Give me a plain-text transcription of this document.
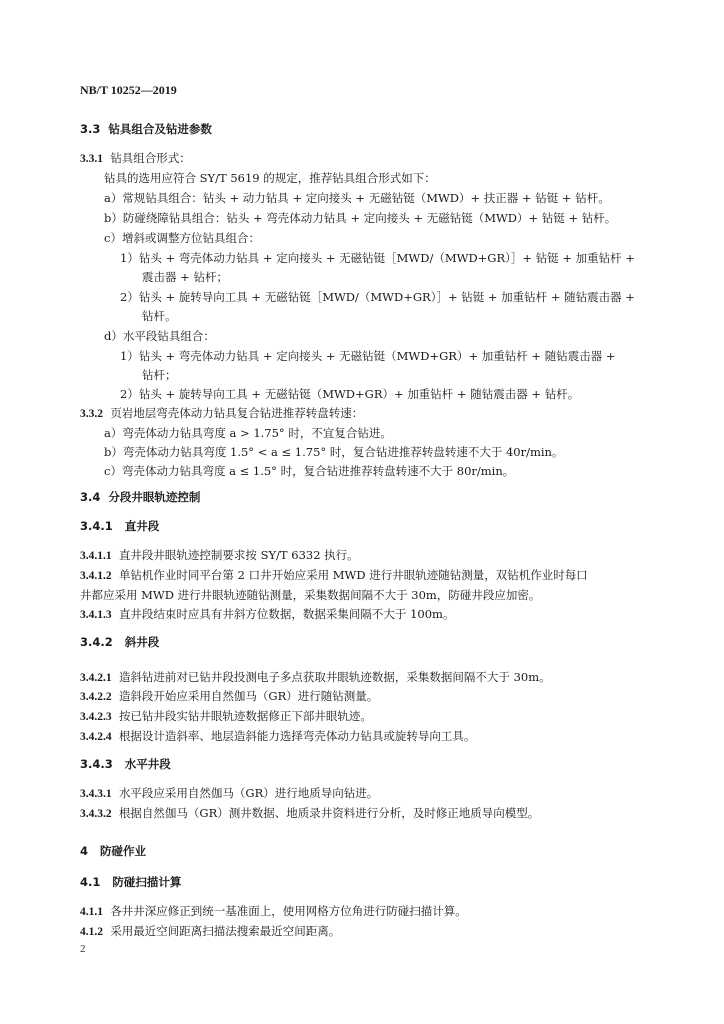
NB/T 10252—2019
3.3 钻具组合及钻进参数
3.3.1 钻具组合形式：
钻具的选用应符合 SY/T 5619 的规定，推荐钻具组合形式如下：
a）常规钻具组合：钻头 + 动力钻具 + 定向接头 + 无磁钻铤（MWD）+ 扶正器 + 钻铤 + 钻杆。
b）防碰绕障钻具组合：钻头 + 弯壳体动力钻具 + 定向接头 + 无磁钻铤（MWD）+ 钻铤 + 钻杆。
c）增斜或调整方位钻具组合：
1）钻头 + 弯壳体动力钻具 + 定向接头 + 无磁钻铤［MWD/（MWD+GR）］+ 钻铤 + 加重钻杆 +
震击器 + 钻杆；
2）钻头 + 旋转导向工具 + 无磁钻铤［MWD/（MWD+GR）］+ 钻铤 + 加重钻杆 + 随钻震击器 +
钻杆。
d）水平段钻具组合：
1）钻头 + 弯壳体动力钻具 + 定向接头 + 无磁钻铤（MWD+GR）+ 加重钻杆 + 随钻震击器 +
钻杆；
2）钻头 + 旋转导向工具 + 无磁钻铤（MWD+GR）+ 加重钻杆 + 随钻震击器 + 钻杆。
3.3.2 页岩地层弯壳体动力钻具复合钻进推荐转盘转速：
a）弯壳体动力钻具弯度 a > 1.75° 时，不宜复合钻进。
b）弯壳体动力钻具弯度 1.5° < a ≤ 1.75° 时，复合钻进推荐转盘转速不大于 40r/min。
c）弯壳体动力钻具弯度 a ≤ 1.5° 时，复合钻进推荐转盘转速不大于 80r/min。
3.4 分段井眼轨迹控制
3.4.1 直井段
3.4.1.1 直井段井眼轨迹控制要求按 SY/T 6332 执行。
3.4.1.2 单钻机作业时同平台第 2 口井开始应采用 MWD 进行井眼轨迹随钻测量，双钻机作业时每口
井都应采用 MWD 进行井眼轨迹随钻测量，采集数据间隔不大于 30m，防碰井段应加密。
3.4.1.3 直井段结束时应具有井斜方位数据，数据采集间隔不大于 100m。
3.4.2 斜井段
3.4.2.1 造斜钻进前对已钻井段投测电子多点获取井眼轨迹数据，采集数据间隔不大于 30m。
3.4.2.2 造斜段开始应采用自然伽马（GR）进行随钻测量。
3.4.2.3 按已钻井段实钻井眼轨迹数据修正下部井眼轨迹。
3.4.2.4 根据设计造斜率、地层造斜能力选择弯壳体动力钻具或旋转导向工具。
3.4.3 水平井段
3.4.3.1 水平段应采用自然伽马（GR）进行地质导向钻进。
3.4.3.2 根据自然伽马（GR）测井数据、地质录井资料进行分析，及时修正地质导向模型。
4 防碰作业
4.1 防碰扫描计算
4.1.1 各井井深应修正到统一基准面上，使用网格方位角进行防碰扫描计算。
4.1.2 采用最近空间距离扫描法搜索最近空间距离。
2
